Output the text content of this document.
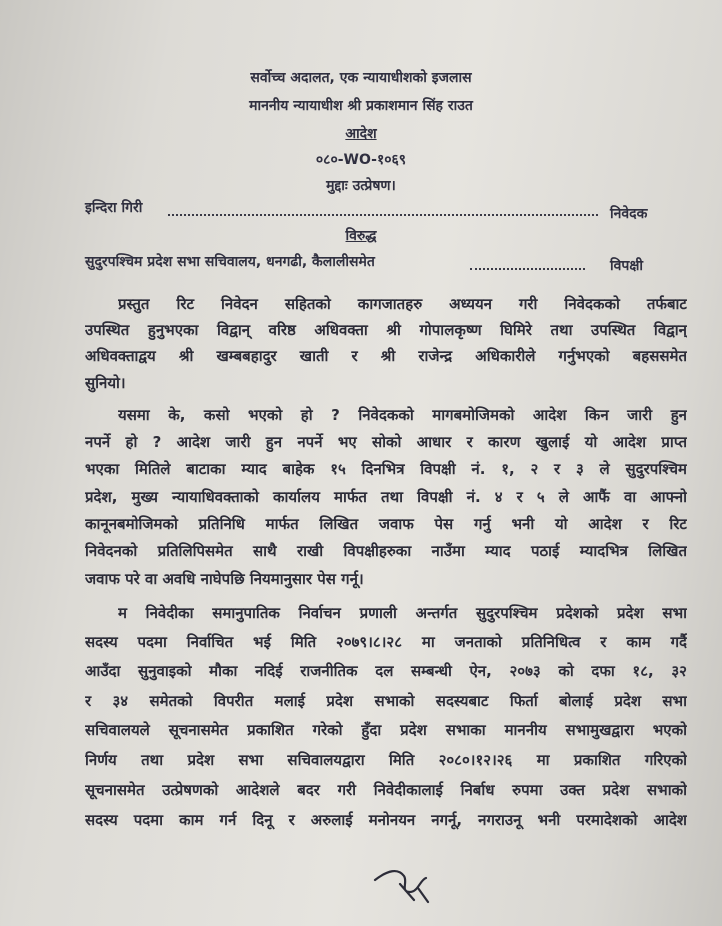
सर्वोच्च अदालत, एक न्यायाधीशको इजलास
माननीय न्यायाधीश श्री प्रकाशमान सिंह राउत
आदेश
०८०-WO-१०६९
मुद्दाः उत्प्रेषण।
इन्दिरा गिरी	निवेदक
विरुद्ध
सुदुरपश्चिम प्रदेश सभा सचिवालय, धनगढी, कैलालीसमेत	विपक्षी
प्रस्तुत रिट निवेदन सहितको कागजातहरु अध्ययन गरी निवेदकको तर्फबाट
उपस्थित हुनुभएका विद्वान् वरिष्ठ अधिवक्ता श्री गोपालकृष्ण घिमिरे तथा उपस्थित विद्वान्
अधिवक्ताद्वय श्री खम्बबहादुर खाती र श्री राजेन्द्र अधिकारीले गर्नुभएको बहससमेत
सुनियो।
यसमा के, कसो भएको हो ? निवेदकको मागबमोजिमको आदेश किन जारी हुन
नपर्ने हो ? आदेश जारी हुन नपर्ने भए सोको आधार र कारण खुलाई यो आदेश प्राप्त
भएका मितिले बाटाका म्याद बाहेक १५ दिनभित्र विपक्षी नं. १, २ र ३ ले सुदुरपश्चिम
प्रदेश, मुख्य न्यायाधिवक्ताको कार्यालय मार्फत तथा विपक्षी नं. ४ र ५ ले आफैं वा आफ्नो
कानूनबमोजिमको प्रतिनिधि मार्फत लिखित जवाफ पेस गर्नु भनी यो आदेश र रिट
निवेदनको प्रतिलिपिसमेत साथै राखी विपक्षीहरुका नाउँमा म्याद पठाई म्यादभित्र लिखित
जवाफ परे वा अवधि नाघेपछि नियमानुसार पेस गर्नू।
म निवेदीका समानुपातिक निर्वाचन प्रणाली अन्तर्गत सुदुरपश्चिम प्रदेशको प्रदेश सभा
सदस्य पदमा निर्वाचित भई मिति २०७९।८।२८ मा जनताको प्रतिनिधित्व र काम गर्दै
आउँदा सुनुवाइको मौका नदिई राजनीतिक दल सम्बन्धी ऐन, २०७३ को दफा १८, ३२
र ३४ समेतको विपरीत मलाई प्रदेश सभाको सदस्यबाट फिर्ता बोलाई प्रदेश सभा
सचिवालयले सूचनासमेत प्रकाशित गरेको हुँदा प्रदेश सभाका माननीय सभामुखद्वारा भएको
निर्णय तथा प्रदेश सभा सचिवालयद्वारा मिति २०८०।१२।२६ मा प्रकाशित गरिएको
सूचनासमेत उत्प्रेषणको आदेशले बदर गरी निवेदीकालाई निर्बाध रुपमा उक्त प्रदेश सभाको
सदस्य पदमा काम गर्न दिनू र अरुलाई मनोनयन नगर्नू, नगराउनू भनी परमादेशको आदेश
